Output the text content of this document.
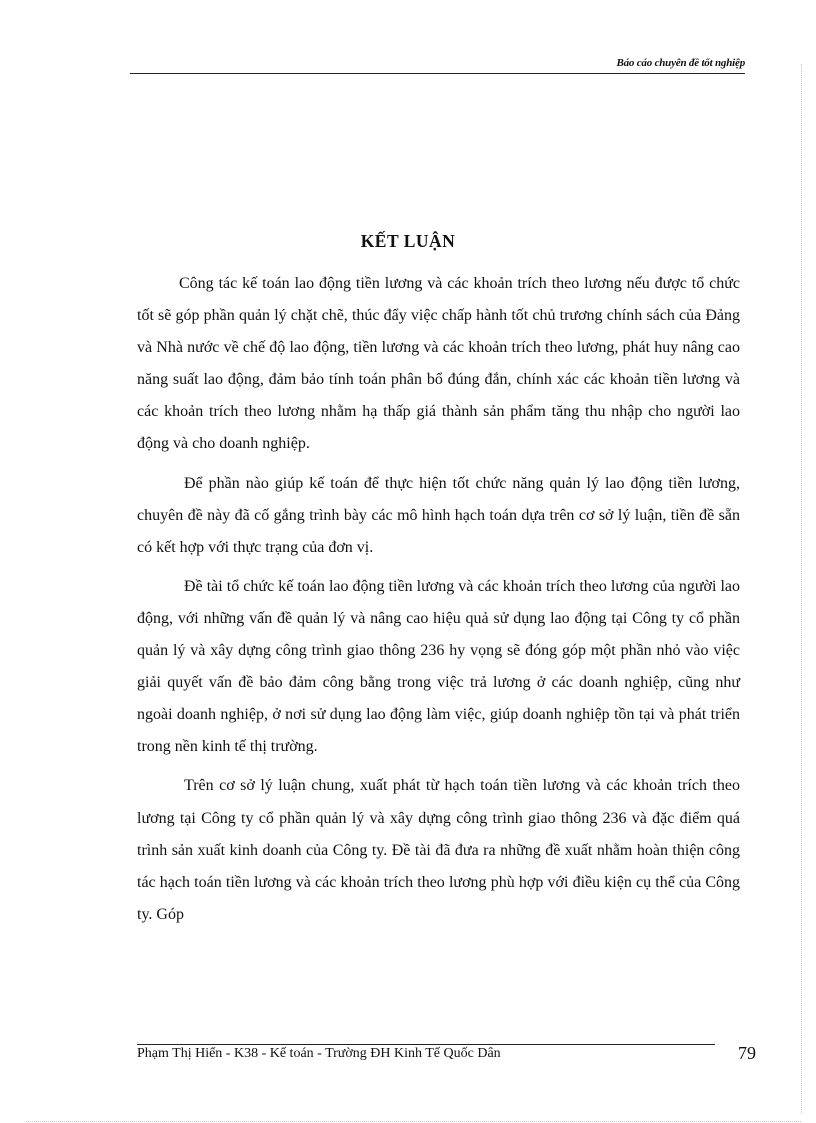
Báo cáo chuyên đề tốt nghiệp
KẾT LUẬN

Công tác kế toán lao động tiền lương và các khoản trích theo lương nếu được tổ chức tốt sẽ góp phần quản lý chặt chẽ, thúc đẩy việc chấp hành tốt chủ trương chính sách của Đảng và Nhà nước về chế độ lao động, tiền lương và các khoản trích theo lương, phát huy nâng cao năng suất lao động, đảm bảo tính toán phân bổ đúng đắn, chính xác các khoản tiền lương và các khoản trích theo lương nhằm hạ thấp giá thành sản phẩm tăng thu nhập cho người lao động và cho doanh nghiệp.

Để phần nào giúp kế toán để thực hiện tốt chức năng quản lý lao động tiền lương, chuyên đề này đã cố gắng trình bày các mô hình hạch toán dựa trên cơ sở lý luận, tiền đề sẵn có kết hợp với thực trạng của đơn vị.

Đề tài tổ chức kế toán lao động tiền lương và các khoản trích theo lương của người lao động, với những vấn đề quản lý và nâng cao hiệu quả sử dụng lao động tại Công ty cổ phần quản lý và xây dựng công trình giao thông 236 hy vọng sẽ đóng góp một phần nhỏ vào việc giải quyết vấn đề bảo đảm công bằng trong việc trả lương ở các doanh nghiệp, cũng như ngoài doanh nghiệp, ở nơi sử dụng lao động làm việc, giúp doanh nghiệp tồn tại và phát triển trong nền kinh tế thị trường.

Trên cơ sở lý luận chung, xuất phát từ hạch toán tiền lương và các khoản trích theo lương tại Công ty cổ phần quản lý và xây dựng công trình giao thông 236 và đặc điểm quá trình sản xuất kinh doanh của Công ty. Đề tài đã đưa ra những đề xuất nhằm hoàn thiện công tác hạch toán tiền lương và các khoản trích theo lương phù hợp với điều kiện cụ thể của Công ty. Góp

Phạm Thị Hiển - K38 - Kế toán - Trường ĐH Kinh Tế Quốc Dân	79
